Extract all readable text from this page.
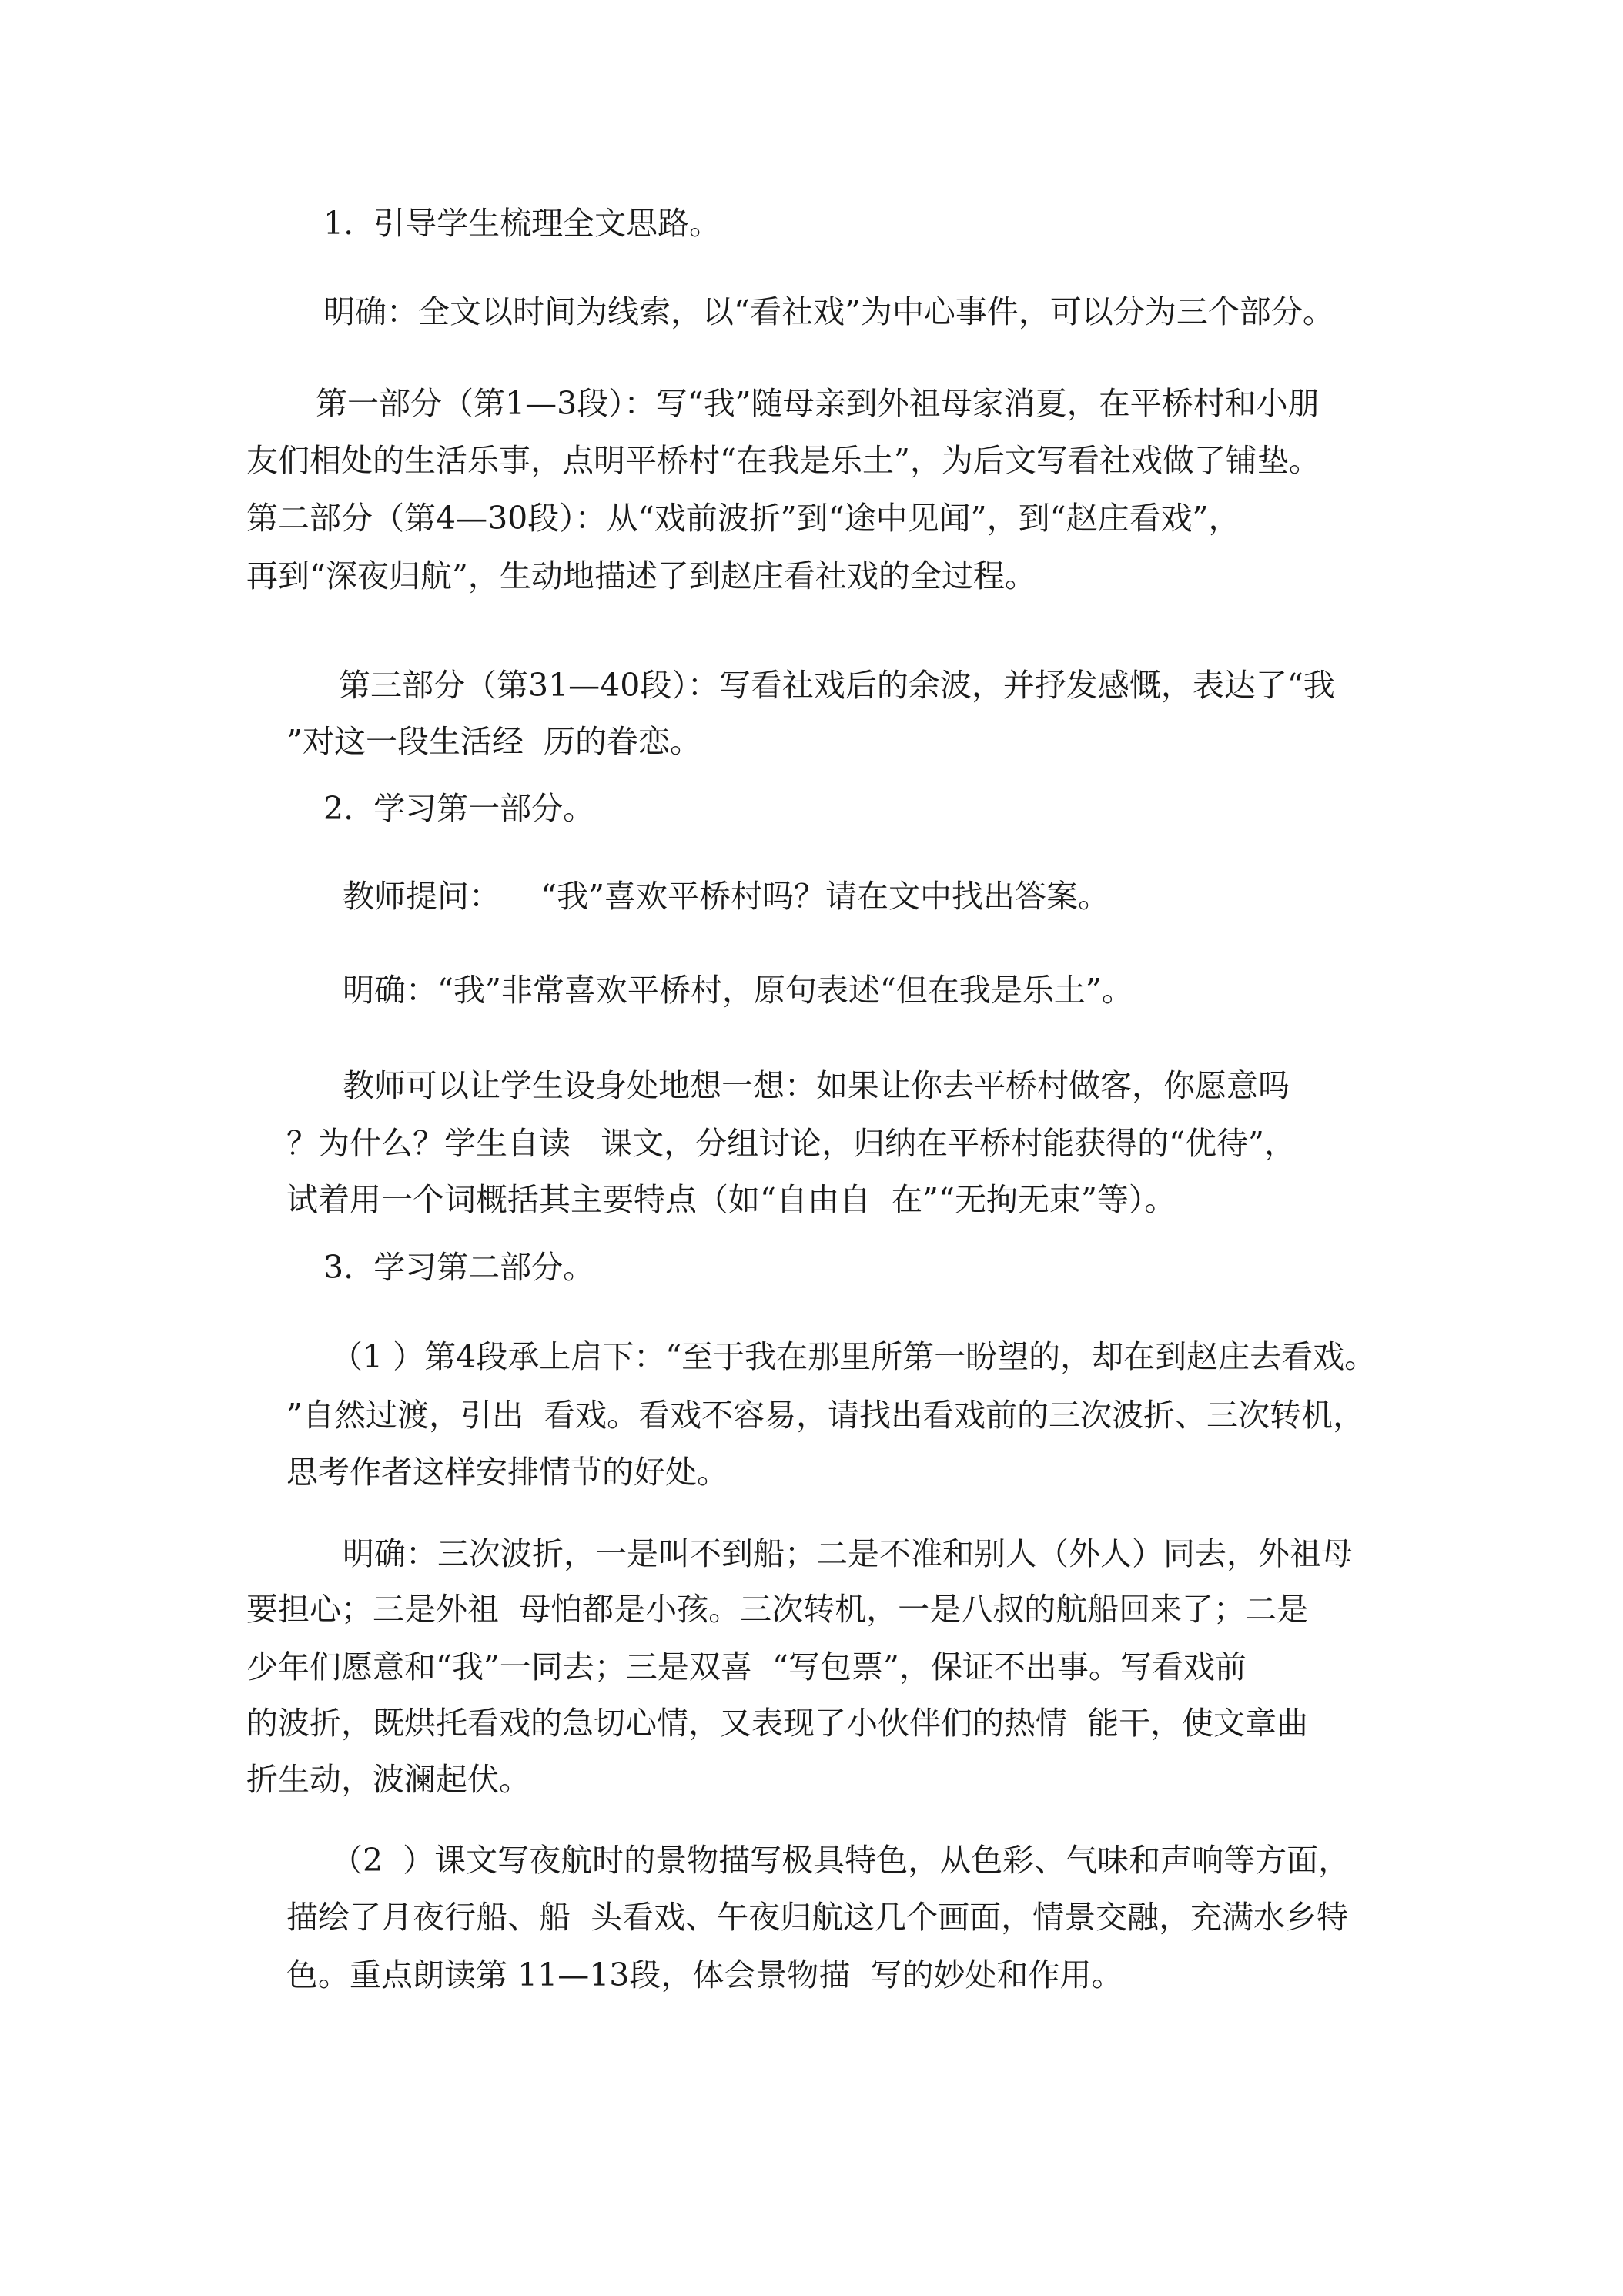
1.  引导学生梳理全文思路。
明确：全文以时间为线索，以“看社戏”为中心事件，可以分为三个部分。
第一部分（第1—3段）：写“我”随母亲到外祖母家消夏，在平桥村和小朋
友们相处的生活乐事，点明平桥村“在我是乐土”，为后文写看社戏做了铺垫。
第二部分（第4—30段）：从“戏前波折”到“途中见闻”，到“赵庄看戏”，
再到“深夜归航”，生动地描述了到赵庄看社戏的全过程。
第三部分（第31—40段）：写看社戏后的余波，并抒发感慨，表达了“我
”对这一段生活经  历的眷恋。
2.  学习第一部分。
教师提问：    “我”喜欢平桥村吗？请在文中找出答案。
明确：“我”非常喜欢平桥村，原句表述“但在我是乐土”。
教师可以让学生设身处地想一想：如果让你去平桥村做客，你愿意吗
？为什么？学生自读   课文，分组讨论，归纳在平桥村能获得的“优待”，
试着用一个词概括其主要特点（如“自由自  在”“无拘无束”等）。
3.  学习第二部分。
（1 ）第4段承上启下：“至于我在那里所第一盼望的，却在到赵庄去看戏。
”自然过渡，引出  看戏。看戏不容易，请找出看戏前的三次波折、三次转机，
思考作者这样安排情节的好处。
明确：三次波折，一是叫不到船；二是不准和别人（外人）同去，外祖母
要担心；三是外祖  母怕都是小孩。三次转机，一是八叔的航船回来了；二是
少年们愿意和“我”一同去；三是双喜  “写包票”，保证不出事。写看戏前
的波折，既烘托看戏的急切心情，又表现了小伙伴们的热情  能干，使文章曲
折生动，波澜起伏。
（2  ）课文写夜航时的景物描写极具特色，从色彩、气味和声响等方面，
描绘了月夜行船、船  头看戏、午夜归航这几个画面，情景交融，充满水乡特
色。重点朗读第 11—13段，体会景物描  写的妙处和作用。
